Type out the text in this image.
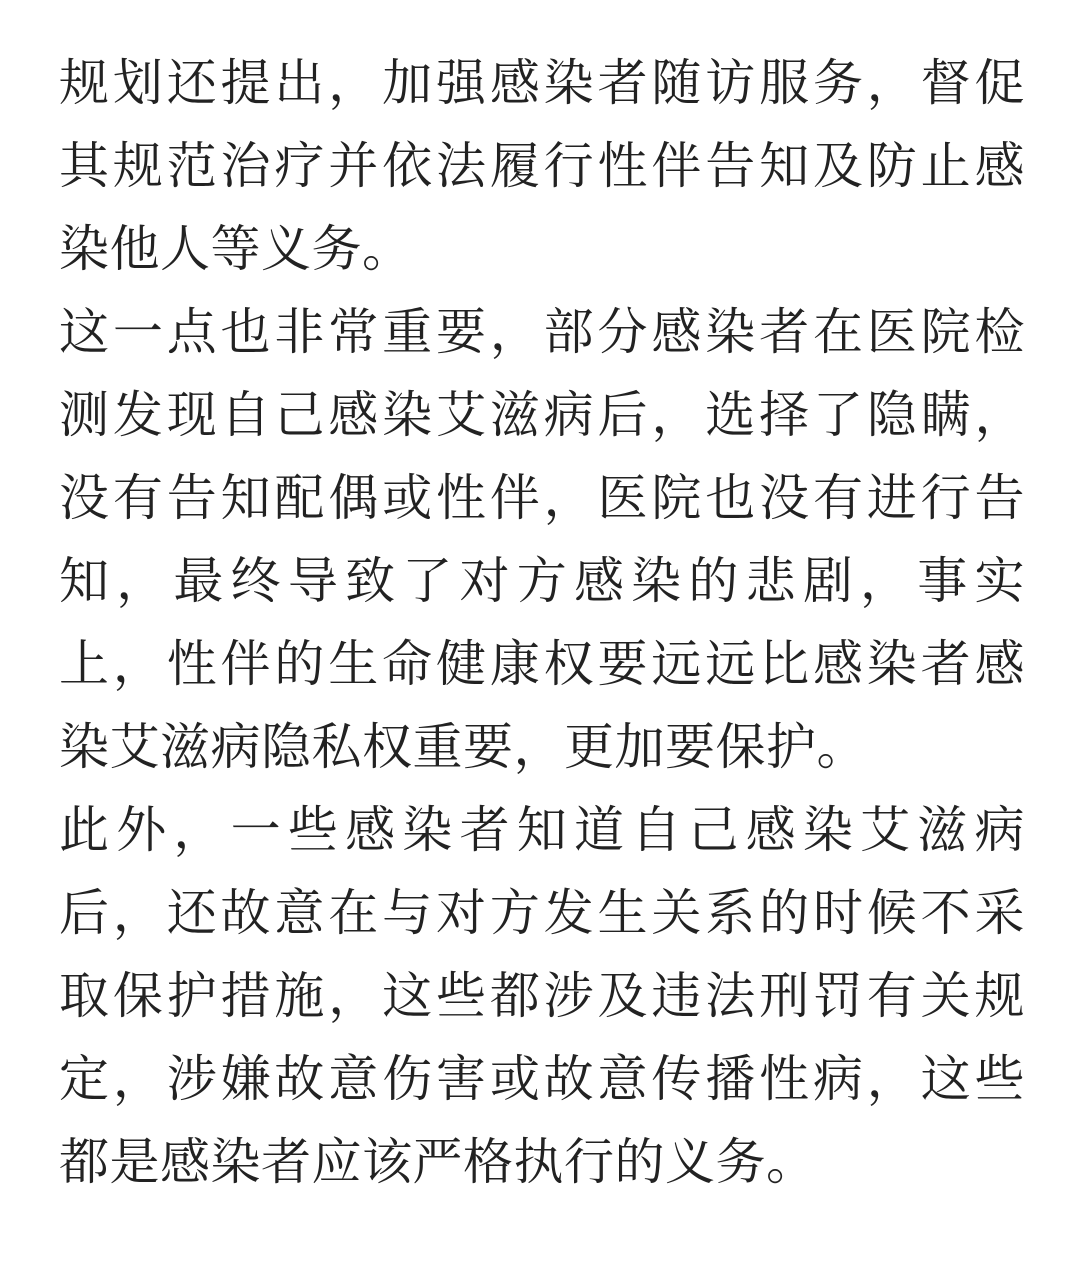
规划还提出，加强感染者随访服务，督促
其规范治疗并依法履行性伴告知及防止感
染他人等义务。
这一点也非常重要，部分感染者在医院检
测发现自己感染艾滋病后，选择了隐瞒，
没有告知配偶或性伴，医院也没有进行告
知，最终导致了对方感染的悲剧，事实
上，性伴的生命健康权要远远比感染者感
染艾滋病隐私权重要，更加要保护。
此外，一些感染者知道自己感染艾滋病
后，还故意在与对方发生关系的时候不采
取保护措施，这些都涉及违法刑罚有关规
定，涉嫌故意伤害或故意传播性病，这些
都是感染者应该严格执行的义务。
